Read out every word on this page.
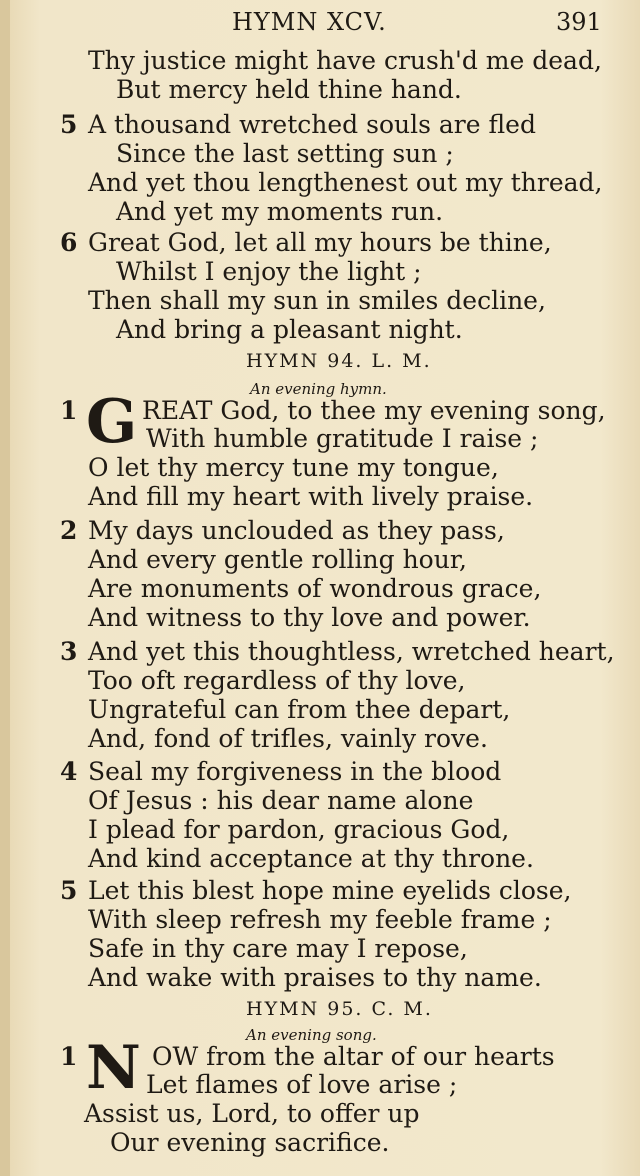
HYMN XCV.	391
Thy justice might have crush'd me dead,
But mercy held thine hand.
5 A thousand wretched souls are fled
Since the last setting sun ;
And yet thou lengthenest out my thread,
And yet my moments run.
6 Great God, let all my hours be thine,
Whilst I enjoy the light ;
Then shall my sun in smiles decline,
And bring a pleasant night.
HYMN 94. L. M.
An evening hymn.
1 G REAT God, to thee my evening song,
With humble gratitude I raise ;
O let thy mercy tune my tongue,
And fill my heart with lively praise.
2 My days unclouded as they pass,
And every gentle rolling hour,
Are monuments of wondrous grace,
And witness to thy love and power.
3 And yet this thoughtless, wretched heart,
Too oft regardless of thy love,
Ungrateful can from thee depart,
And, fond of trifles, vainly rove.
4 Seal my forgiveness in the blood
Of Jesus : his dear name alone
I plead for pardon, gracious God,
And kind acceptance at thy throne.
5 Let this blest hope mine eyelids close,
With sleep refresh my feeble frame ;
Safe in thy care may I repose,
And wake with praises to thy name.
HYMN 95. C. M.
An evening song.
1 N OW from the altar of our hearts
Let flames of love arise ;
Assist us, Lord, to offer up
Our evening sacrifice.
